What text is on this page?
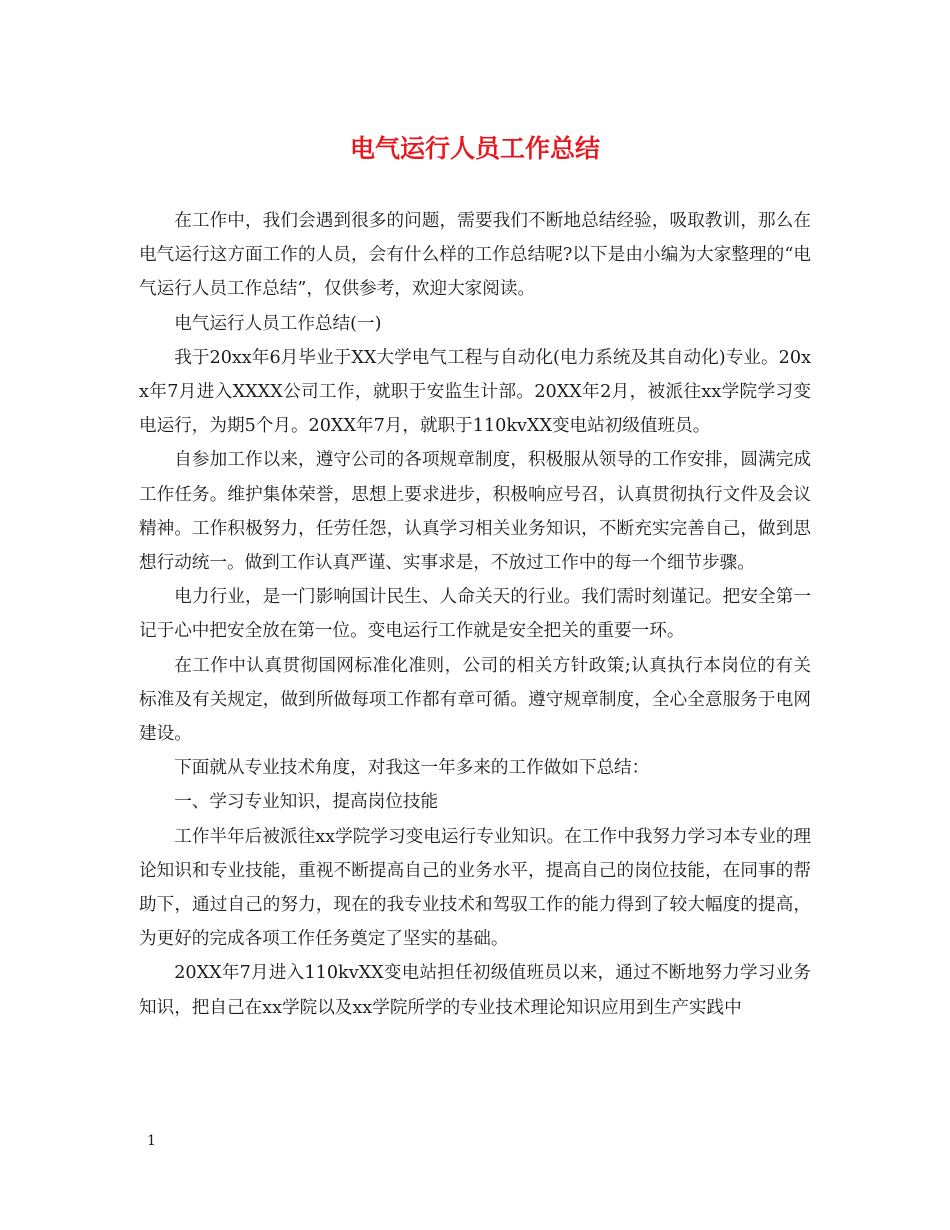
电气运行人员工作总结

在工作中，我们会遇到很多的问题，需要我们不断地总结经验，吸取教训，那么在电气运行这方面工作的人员，会有什么样的工作总结呢?以下是由小编为大家整理的“电气运行人员工作总结”，仅供参考，欢迎大家阅读。

电气运行人员工作总结(一)

我于20xx年6月毕业于XX大学电气工程与自动化(电力系统及其自动化)专业。20xx年7月进入XXXX公司工作，就职于安监生计部。20XX年2月，被派往xx学院学习变电运行，为期5个月。20XX年7月，就职于110kvXX变电站初级值班员。

自参加工作以来，遵守公司的各项规章制度，积极服从领导的工作安排，圆满完成工作任务。维护集体荣誉，思想上要求进步，积极响应号召，认真贯彻执行文件及会议精神。工作积极努力，任劳任怨，认真学习相关业务知识，不断充实完善自己，做到思想行动统一。做到工作认真严谨、实事求是，不放过工作中的每一个细节步骤。

电力行业，是一门影响国计民生、人命关天的行业。我们需时刻谨记。把安全第一记于心中把安全放在第一位。变电运行工作就是安全把关的重要一环。

在工作中认真贯彻国网标准化准则，公司的相关方针政策;认真执行本岗位的有关标准及有关规定，做到所做每项工作都有章可循。遵守规章制度，全心全意服务于电网建设。

下面就从专业技术角度，对我这一年多来的工作做如下总结：

一、学习专业知识，提高岗位技能

工作半年后被派往xx学院学习变电运行专业知识。在工作中我努力学习本专业的理论知识和专业技能，重视不断提高自己的业务水平，提高自己的岗位技能，在同事的帮助下，通过自己的努力，现在的我专业技术和驾驭工作的能力得到了较大幅度的提高，为更好的完成各项工作任务奠定了坚实的基础。

20XX年7月进入110kvXX变电站担任初级值班员以来，通过不断地努力学习业务知识，把自己在xx学院以及xx学院所学的专业技术理论知识应用到生产实践中

1
